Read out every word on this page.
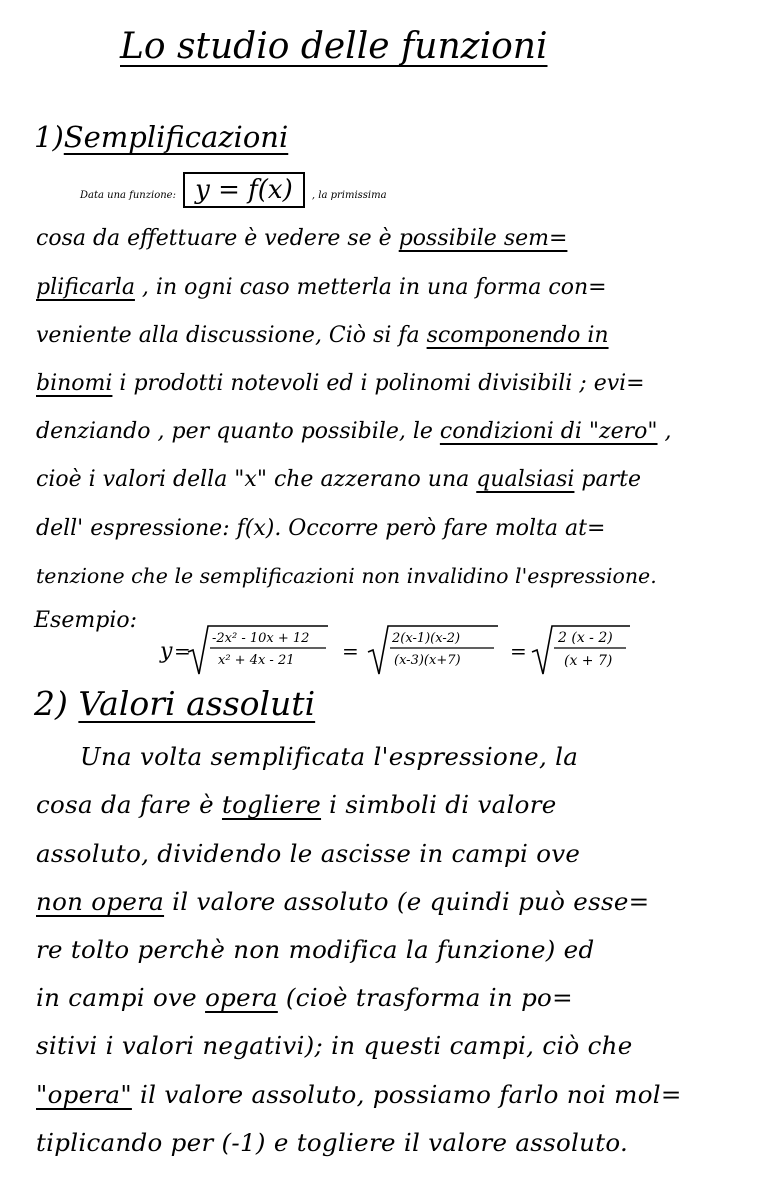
Lo studio delle funzioni
1)Semplificazioni
Data una funzione: y = f(x) , la primissima
cosa da effettuare è vedere se è possibile sem=
plificarla , in ogni caso metterla in una forma con=
veniente alla discussione, Ciò si fa scomponendo in
binomi i prodotti notevoli ed i polinomi divisibili ; evi=
denziando , per quanto possibile, le condizioni di "zero" ,
cioè i valori della "x" che azzerano una qualsiasi parte
dell' espressione: f(x). Occorre però fare molta at=
tenzione che le semplificazioni non invalidino l'espressione.
Esempio:
y =
-2x² - 10x + 12
x² + 4x - 21 =
2(x-1)(x-2)
(x-3)(x+7) =
2 (x - 2)
(x + 7)
2) Valori assoluti
Una volta semplificata l'espressione, la
cosa da fare è togliere i simboli di valore
assoluto, dividendo le ascisse in campi ove
non opera il valore assoluto (e quindi può esse=
re tolto perchè non modifica la funzione) ed
in campi ove opera (cioè trasforma in po=
sitivi i valori negativi); in questi campi, ciò che
"opera" il valore assoluto, possiamo farlo noi mol=
tiplicando per (-1) e togliere il valore assoluto.
